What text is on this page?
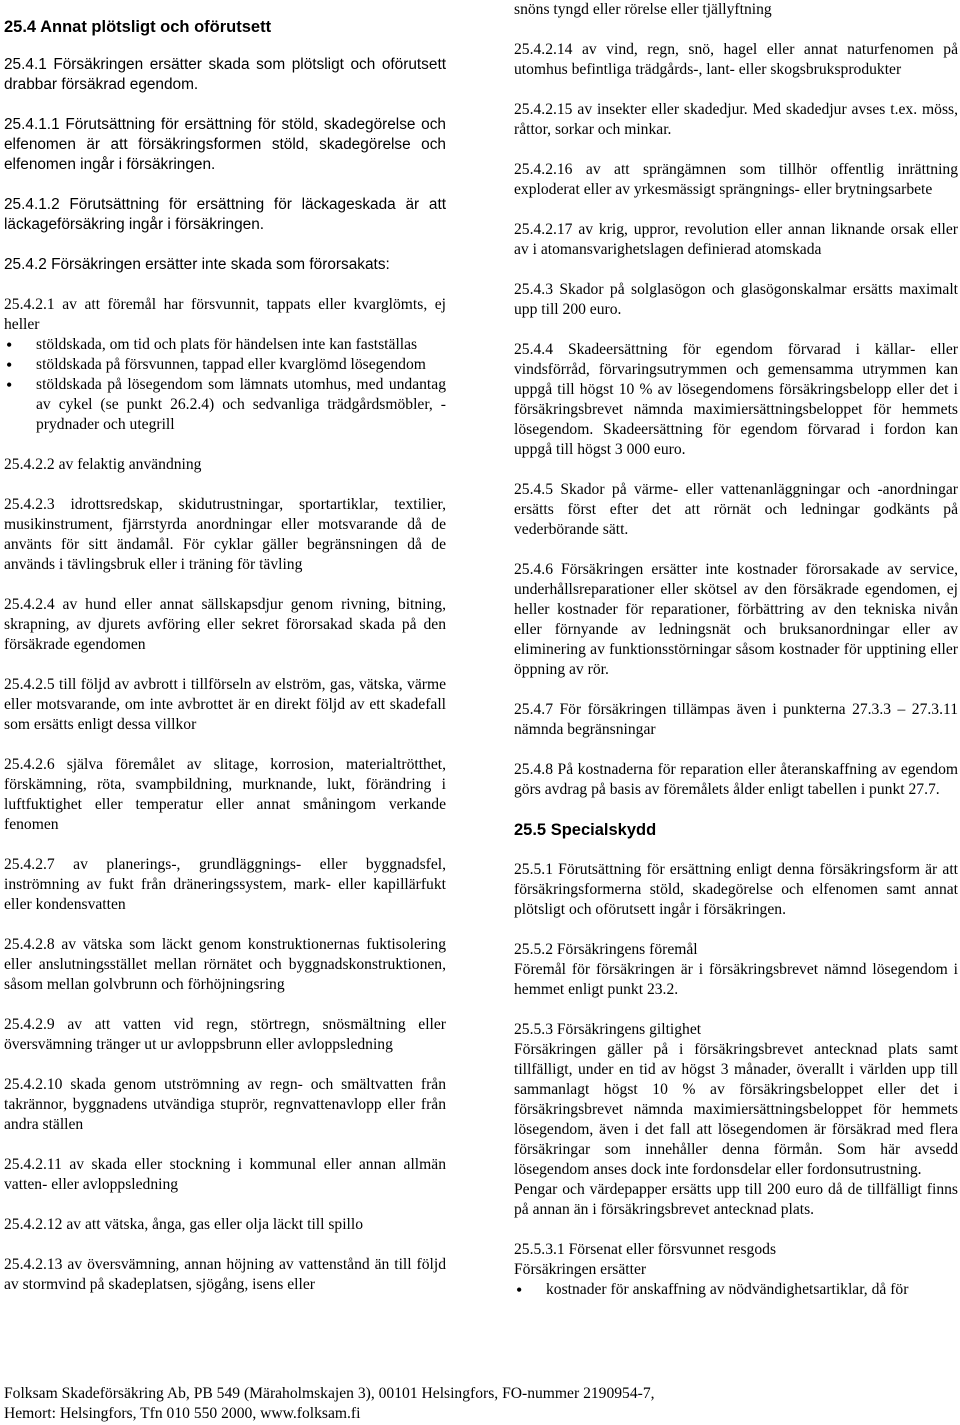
25.4 Annat plötsligt och oförutsett

25.4.1 Försäkringen ersätter skada som plötsligt och oförutsett drabbar försäkrad egendom.

25.4.1.1 Förutsättning för ersättning för stöld, skadegörelse och elfenomen är att försäkringsformen stöld, skadegörelse och elfenomen ingår i försäkringen.

25.4.1.2 Förutsättning för ersättning för läckageskada är att läckageförsäkring ingår i försäkringen.

25.4.2 Försäkringen ersätter inte skada som förorsakats:

25.4.2.1 av att föremål har försvunnit, tappats eller kvarglömts, ej heller

• stöldskada, om tid och plats för händelsen inte kan fastställas
• stöldskada på försvunnen, tappad eller kvarglömd lösegendom
• stöldskada på lösegendom som lämnats utomhus, med undantag av cykel (se punkt 26.2.4) och sedvanliga trädgårdsmöbler, -prydnader och utegrill

25.4.2.2 av felaktig användning

25.4.2.3 idrottsredskap, skidutrustningar, sportartiklar, textilier, musikinstrument, fjärrstyrda anordningar eller motsvarande då de använts för sitt ändamål. För cyklar gäller begränsningen då de används i tävlingsbruk eller i träning för tävling

25.4.2.4 av hund eller annat sällskapsdjur genom rivning, bitning, skrapning, av djurets avföring eller sekret förorsakad skada på den försäkrade egendomen

25.4.2.5 till följd av avbrott i tillförseln av elström, gas, vätska, värme eller motsvarande, om inte avbrottet är en direkt följd av ett skadefall som ersätts enligt dessa villkor

25.4.2.6 själva föremålet av slitage, korrosion, materialtrötthet, förskämning, röta, svampbildning, murknande, lukt, förändring i luftfuktighet eller temperatur eller annat småningom verkande fenomen

25.4.2.7 av planerings-, grundläggnings- eller byggnadsfel, inströmning av fukt från dräneringssystem, mark- eller kapillärfukt eller kondensvatten

25.4.2.8 av vätska som läckt genom konstruktionernas fuktisolering eller anslutningsstället mellan rörnätet och byggnadskonstruktionen, såsom mellan golvbrunn och förhöjningsring

25.4.2.9 av att vatten vid regn, störtregn, snösmältning eller översvämning tränger ut ur avloppsbrunn eller avloppsledning

25.4.2.10 skada genom utströmning av regn- och smältvatten från takrännor, byggnadens utvändiga stuprör, regnvattenavlopp eller från andra ställen

25.4.2.11 av skada eller stockning i kommunal eller annan allmän vatten- eller avloppsledning

25.4.2.12 av att vätska, ånga, gas eller olja läckt till spillo

25.4.2.13 av översvämning, annan höjning av vattenstånd än till följd av stormvind på skadeplatsen, sjögång, isens eller

snöns tyngd eller rörelse eller tjällyftning

25.4.2.14 av vind, regn, snö, hagel eller annat naturfenomen på utomhus befintliga trädgårds-, lant- eller skogsbruksprodukter

25.4.2.15 av insekter eller skadedjur. Med skadedjur avses t.ex. möss, råttor, sorkar och minkar.

25.4.2.16 av att sprängämnen som tillhör offentlig inrättning exploderat eller av yrkesmässigt sprängnings- eller brytningsarbete

25.4.2.17 av krig, uppror, revolution eller annan liknande orsak eller av i atomansvarighetslagen definierad atomskada

25.4.3 Skador på solglasögon och glasögonskalmar ersätts maximalt upp till 200 euro.

25.4.4 Skadeersättning för egendom förvarad i källar- eller vindsförråd, förvaringsutrymmen och gemensamma utrymmen kan uppgå till högst 10 % av lösegendomens försäkringsbelopp eller det i försäkringsbrevet nämnda maximiersättningsbeloppet för hemmets lösegendom. Skadeersättning för egendom förvarad i fordon kan uppgå till högst 3 000 euro.

25.4.5 Skador på värme- eller vattenanläggningar och -anordningar ersätts först efter det att rörnät och ledningar godkänts på vederbörande sätt.

25.4.6 Försäkringen ersätter inte kostnader förorsakade av service, underhållsreparationer eller skötsel av den försäkrade egendomen, ej heller kostnader för reparationer, förbättring av den tekniska nivån eller förnyande av ledningsnät och bruksanordningar eller av eliminering av funktionsstörningar såsom kostnader för upptining eller öppning av rör.

25.4.7 För försäkringen tillämpas även i punkterna 27.3.3 – 27.3.11 nämnda begränsningar

25.4.8 På kostnaderna för reparation eller återanskaffning av egendom görs avdrag på basis av föremålets ålder enligt tabellen i punkt 27.7.

25.5 Specialskydd

25.5.1 Förutsättning för ersättning enligt denna försäkringsform är att försäkringsformerna stöld, skadegörelse och elfenomen samt annat plötsligt och oförutsett ingår i försäkringen.

25.5.2 Försäkringens föremål

Föremål för försäkringen är i försäkringsbrevet nämnd lösegendom i hemmet enligt punkt 23.2.

25.5.3 Försäkringens giltighet

Försäkringen gäller på i försäkringsbrevet antecknad plats samt tillfälligt, under en tid av högst 3 månader, överallt i världen upp till sammanlagt högst 10 % av försäkringsbeloppet eller det i försäkringsbrevet nämnda maximiersättningsbeloppet för hemmets lösegendom, även i det fall att lösegendomen är försäkrad med flera försäkringar som innehåller denna förmån. Som här avsedd lösegendom anses dock inte fordonsdelar eller fordonsutrustning.

Pengar och värdepapper ersätts upp till 200 euro då de tillfälligt finns på annan än i försäkringsbrevet antecknad plats.

25.5.3.1 Försenat eller försvunnet resgods

Försäkringen ersätter

• kostnader för anskaffning av nödvändighetsartiklar, då för
Folksam Skadeförsäkring Ab, PB 549 (Märaholmskajen 3), 00101 Helsingfors, FO-nummer 2190954-7,
Hemort: Helsingfors, Tfn 010 550 2000, www.folksam.fi
